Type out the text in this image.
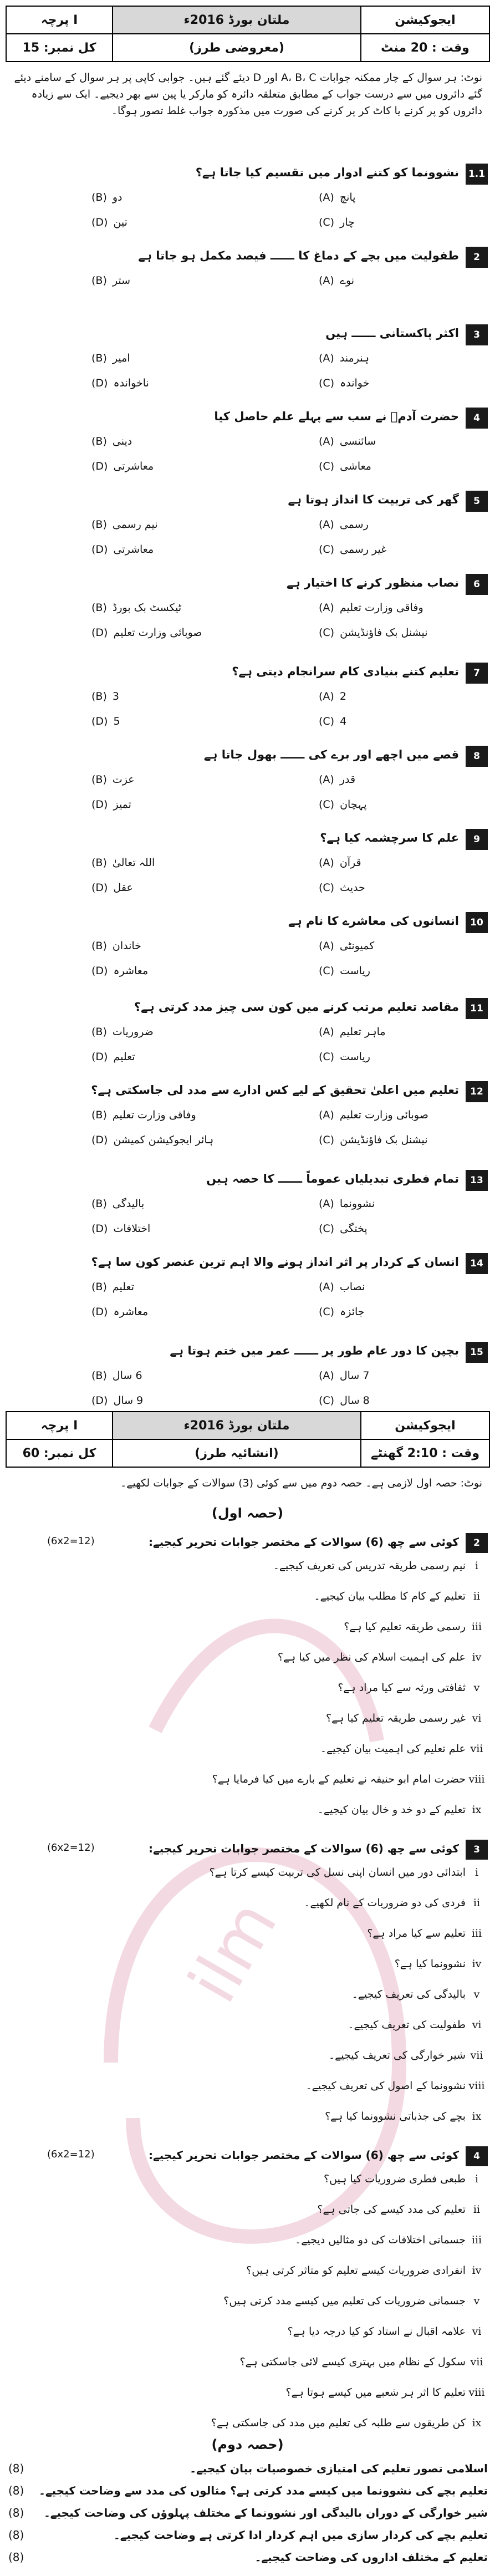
ilm
پرچہ I	ملتان بورڈ 2016ء	ایجوکیشن
کل نمبر: 15	(معروضی طرز)	وقت : 20 منٹ
نوٹ: ہر سوال کے چار ممکنہ جوابات A، B، C اور D دیئے گئے ہیں۔ جوابی کاپی پر ہر سوال کے سامنے دیئے گئے دائروں میں سے درست جواب کے مطابق متعلقہ دائرہ کو مارکر یا پین سے بھر دیجیے۔ ایک سے زیادہ دائروں کو پر کرنے یا کاٹ کر پر کرنے کی صورت میں مذکورہ جواب غلط تصور ہوگا۔
1.1
نشوونما کو کتنے ادوار میں تقسیم کیا جاتا ہے؟
(A) پانچ
(B) دو
(C) چار
(D) تین
2
طفولیت میں بچے کے دماغ کا ــــــ فیصد مکمل ہو جاتا ہے
(A) نوے
(B) ستر
3
اکثر پاکستانی ــــــ ہیں
(A) ہنرمند
(B) امیر
(C) خواندہ
(D) ناخواندہ
4
حضرت آدمؑ نے سب سے پہلے علم حاصل کیا
(A) سائنسی
(B) دینی
(C) معاشی
(D) معاشرتی
5
گھر کی تربیت کا انداز ہوتا ہے
(A) رسمی
(B) نیم رسمی
(C) غیر رسمی
(D) معاشرتی
6
نصاب منظور کرنے کا اختیار ہے
(A) وفاقی وزارت تعلیم
(B) ٹیکسٹ بک بورڈ
(C) نیشنل بک فاؤنڈیشن
(D) صوبائی وزارت تعلیم
7
تعلیم کتنے بنیادی کام سرانجام دیتی ہے؟
(A) 2
(B) 3
(C) 4
(D) 5
8
قصے میں اچھے اور برے کی ــــــ بھول جاتا ہے
(A) قدر
(B) عزت
(C) پہچان
(D) تمیز
9
علم کا سرچشمہ کیا ہے؟
(A) قرآن
(B) اللہ تعالیٰ
(C) حدیث
(D) عقل
10
انسانوں کی معاشرے کا نام ہے
(A) کمیونٹی
(B) خاندان
(C) ریاست
(D) معاشرہ
11
مقاصد تعلیم مرتب کرنے میں کون سی چیز مدد کرتی ہے؟
(A) ماہر تعلیم
(B) ضروریات
(C) ریاست
(D) تعلیم
12
تعلیم میں اعلیٰ تحقیق کے لیے کس ادارے سے مدد لی جاسکتی ہے؟
(A) صوبائی وزارت تعلیم
(B) وفاقی وزارت تعلیم
(C) نیشنل بک فاؤنڈیشن
(D) ہائر ایجوکیشن کمیشن
13
تمام فطری تبدیلیاں عموماً ــــــ کا حصہ ہیں
(A) نشوونما
(B) بالیدگی
(C) پختگی
(D) اختلافات
14
انسان کے کردار پر اثر انداز ہونے والا اہم ترین عنصر کون سا ہے؟
(A) نصاب
(B) تعلیم
(C) جائزہ
(D) معاشرہ
15
بچپن کا دور عام طور پر ــــــ عمر میں ختم ہوتا ہے
(A) 7 سال
(B) 6 سال
(C) 8 سال
(D) 9 سال
پرچہ I	ملتان بورڈ 2016ء	ایجوکیشن
کل نمبر: 60	(انشائیہ طرز)	وقت : 2:10 گھنٹے
نوٹ: حصہ اول لازمی ہے۔ حصہ دوم میں سے کوئی (3) سوالات کے جوابات لکھیے۔
(حصہ اول)
2
کوئی سے چھ (6) سوالات کے مختصر جوابات تحریر کیجیے:
(6x2=12)
iنیم رسمی طریقہ تدریس کی تعریف کیجیے۔
iiتعلیم کے کام کا مطلب بیان کیجیے۔
iiiرسمی طریقہ تعلیم کیا ہے؟
ivعلم کی اہمیت اسلام کی نظر میں کیا ہے؟
vثقافتی ورثہ سے کیا مراد ہے؟
viغیر رسمی طریقہ تعلیم کیا ہے؟
viiعلم تعلیم کی اہمیت بیان کیجیے۔
viiiحضرت امام ابو حنیفہ نے تعلیم کے بارے میں کیا فرمایا ہے؟
ixتعلیم کے دو خد و خال بیان کیجیے۔
3
کوئی سے چھ (6) سوالات کے مختصر جوابات تحریر کیجیے:
(6x2=12)
iابتدائی دور میں انسان اپنی نسل کی تربیت کیسے کرتا ہے؟
iiفردی کی دو ضروریات کے نام لکھیے۔
iiiتعلیم سے کیا مراد ہے؟
ivنشوونما کیا ہے؟
vبالیدگی کی تعریف کیجیے۔
viطفولیت کی تعریف کیجیے۔
viiشیر خوارگی کی تعریف کیجیے۔
viiiنشوونما کے اصول کی تعریف کیجیے۔
ixبچے کی جذباتی نشوونما کیا ہے؟
4
کوئی سے چھ (6) سوالات کے مختصر جوابات تحریر کیجیے:
(6x2=12)
iطبعی فطری ضروریات کیا ہیں؟
iiتعلیم کی مدد کیسے کی جاتی ہے؟
iiiجسمانی اختلافات کی دو مثالیں دیجیے۔
ivانفرادی ضروریات کیسے تعلیم کو متاثر کرتی ہیں؟
vجسمانی ضروریات کی تعلیم میں کیسے مدد کرتی ہیں؟
viعلامہ اقبال نے استاد کو کیا درجہ دیا ہے؟
viiسکول کے نظام میں بہتری کیسے لائی جاسکتی ہے؟
viiiتعلیم کا اثر ہر شعبے میں کیسے ہوتا ہے؟
ixکن طریقوں سے طلبہ کی تعلیم میں مدد کی جاسکتی ہے؟
(حصہ دوم)
اسلامی تصور تعلیم کی امتیازی خصوصیات بیان کیجیے۔
(8)
تعلیم بچے کی نشوونما میں کیسے مدد کرتی ہے؟ مثالوں کی مدد سے وضاحت کیجیے۔
(8)
شیر خوارگی کے دوران بالیدگی اور نشوونما کے مختلف پہلوؤں کی وضاحت کیجیے۔
(8)
تعلیم بچے کی کردار سازی میں اہم کردار ادا کرتی ہے وضاحت کیجیے۔
(8)
تعلیم کے مختلف اداروں کی وضاحت کیجیے۔
(8)
